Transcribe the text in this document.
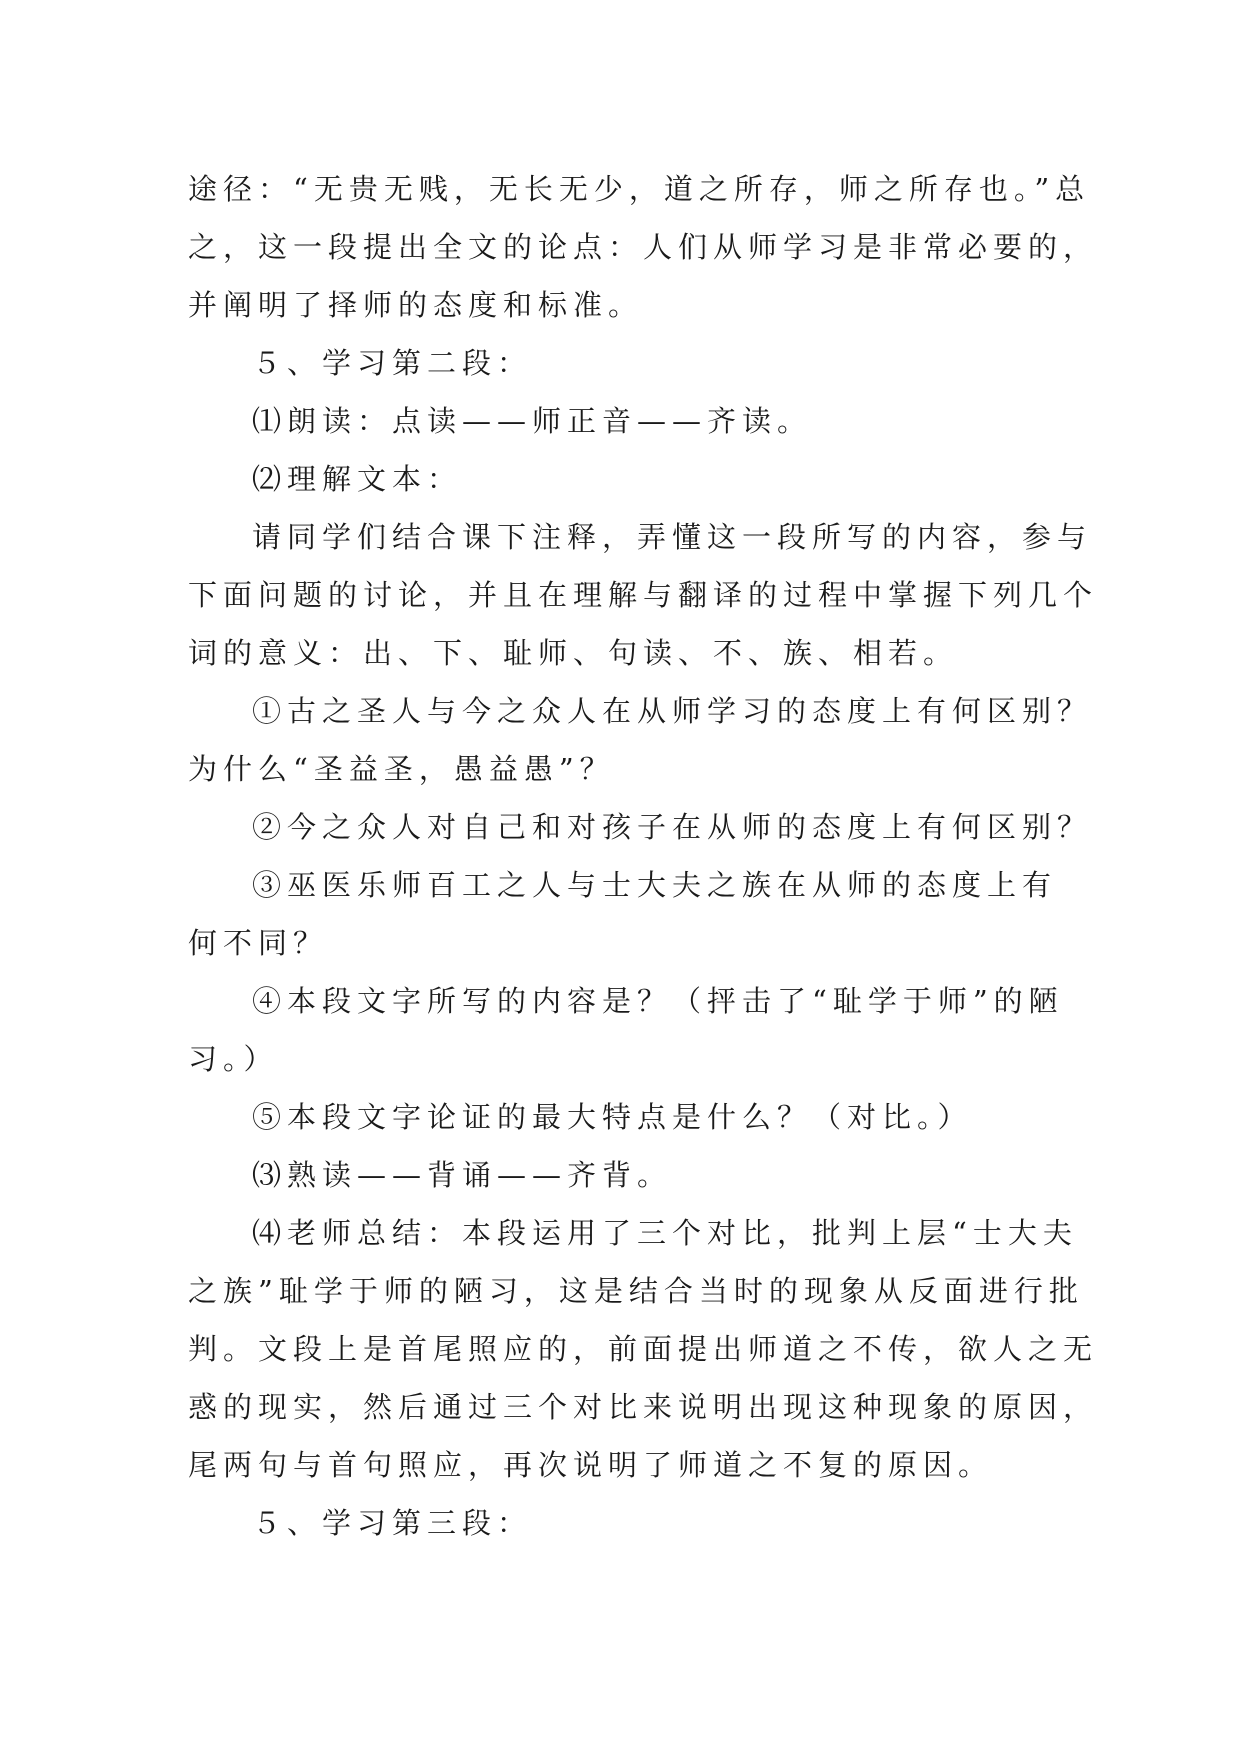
途径：“无贵无贱，无长无少，道之所存，师之所存也。”总
之，这一段提出全文的论点：人们从师学习是非常必要的，
并阐明了择师的态度和标准。
５、学习第二段：
⑴朗读：点读——师正音——齐读。
⑵理解文本：
请同学们结合课下注释，弄懂这一段所写的内容，参与
下面问题的讨论，并且在理解与翻译的过程中掌握下列几个
词的意义：出、下、耻师、句读、不、族、相若。
①古之圣人与今之众人在从师学习的态度上有何区别？
为什么“圣益圣，愚益愚”？
②今之众人对自己和对孩子在从师的态度上有何区别？
③巫医乐师百工之人与士大夫之族在从师的态度上有
何不同？
④本段文字所写的内容是？（抨击了“耻学于师”的陋
习。）
⑤本段文字论证的最大特点是什么？（对比。）
⑶熟读——背诵——齐背。
⑷老师总结：本段运用了三个对比，批判上层“士大夫
之族”耻学于师的陋习，这是结合当时的现象从反面进行批
判。文段上是首尾照应的，前面提出师道之不传，欲人之无
惑的现实，然后通过三个对比来说明出现这种现象的原因，
尾两句与首句照应，再次说明了师道之不复的原因。
５、学习第三段：
